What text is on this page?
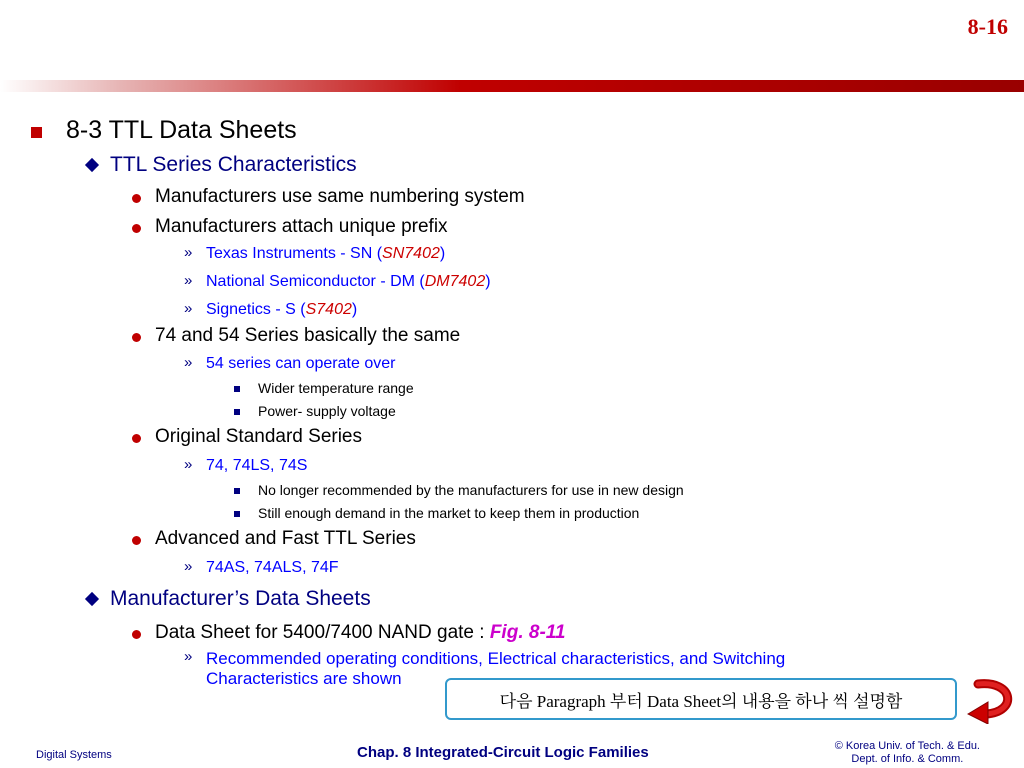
8-16
8-3 TTL Data Sheets
TTL Series Characteristics
Manufacturers use same numbering system
Manufacturers attach unique prefix
» Texas Instruments - SN (SN7402)
» National Semiconductor - DM (DM7402)
» Signetics - S (S7402)
74 and 54 Series basically the same
» 54 series can operate over
Wider temperature range
Power- supply voltage
Original Standard Series
» 74, 74LS, 74S
No longer recommended by the manufacturers for use in new design
Still enough demand in the market to keep them in production
Advanced and Fast TTL Series
» 74AS, 74ALS, 74F
Manufacturer’s Data Sheets
Data Sheet for 5400/7400 NAND gate : Fig. 8-11
» Recommended operating conditions, Electrical characteristics, and Switching
Characteristics are shown
다음 Paragraph 부터 Data Sheet의 내용을 하나 씩 설명함
Digital Systems	Chap. 8 Integrated-Circuit Logic Families	© Korea Univ. of Tech. & Edu.
Dept. of Info. & Comm.
